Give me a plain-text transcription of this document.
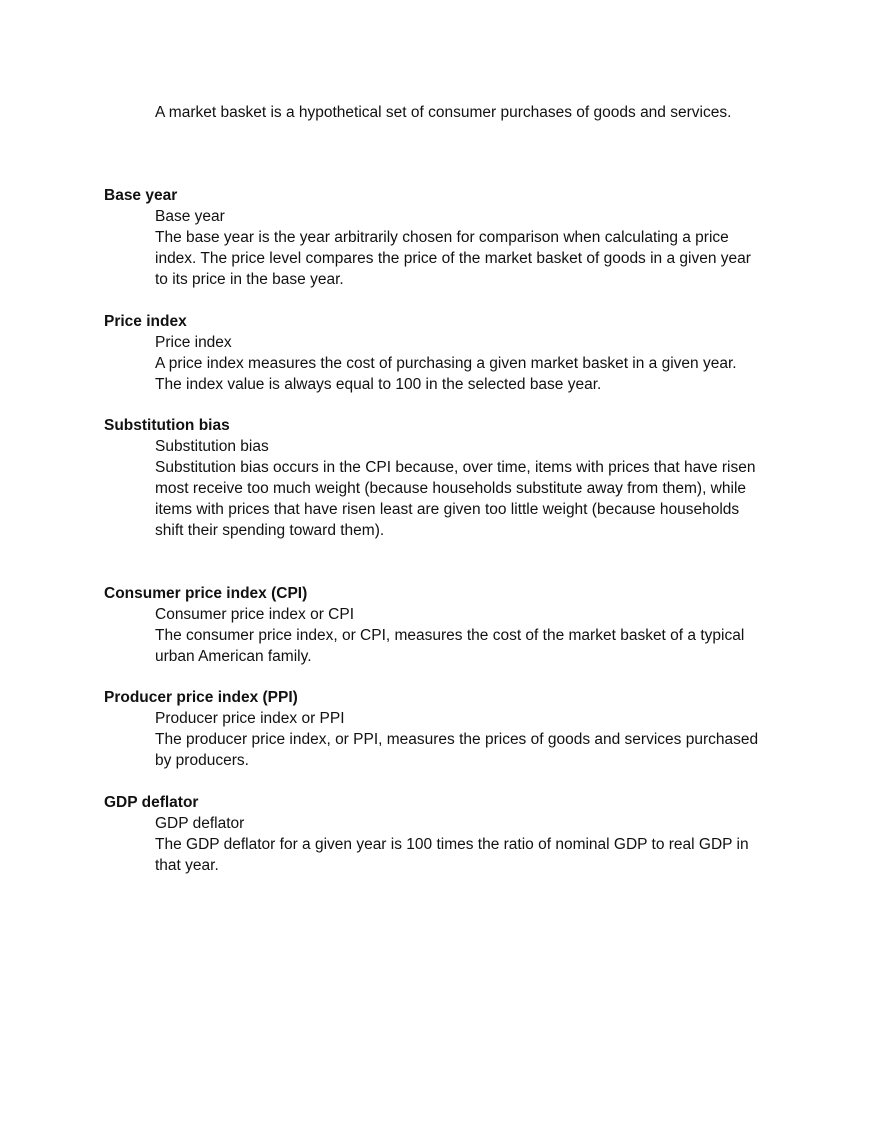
A market basket is a hypothetical set of consumer purchases of goods and services.
Base year
Base year
The base year is the year arbitrarily chosen for comparison when calculating a price
index. The price level compares the price of the market basket of goods in a given year
to its price in the base year.
Price index
Price index
A price index measures the cost of purchasing a given market basket in a given year.
The index value is always equal to 100 in the selected base year.
Substitution bias
Substitution bias
Substitution bias occurs in the CPI because, over time, items with prices that have risen
most receive too much weight (because households substitute away from them), while
items with prices that have risen least are given too little weight (because households
shift their spending toward them).
Consumer price index (CPI)
Consumer price index or CPI
The consumer price index, or CPI, measures the cost of the market basket of a typical
urban American family.
Producer price index (PPI)
Producer price index or PPI
The producer price index, or PPI, measures the prices of goods and services purchased
by producers.
GDP deflator
GDP deflator
The GDP deflator for a given year is 100 times the ratio of nominal GDP to real GDP in
that year.
